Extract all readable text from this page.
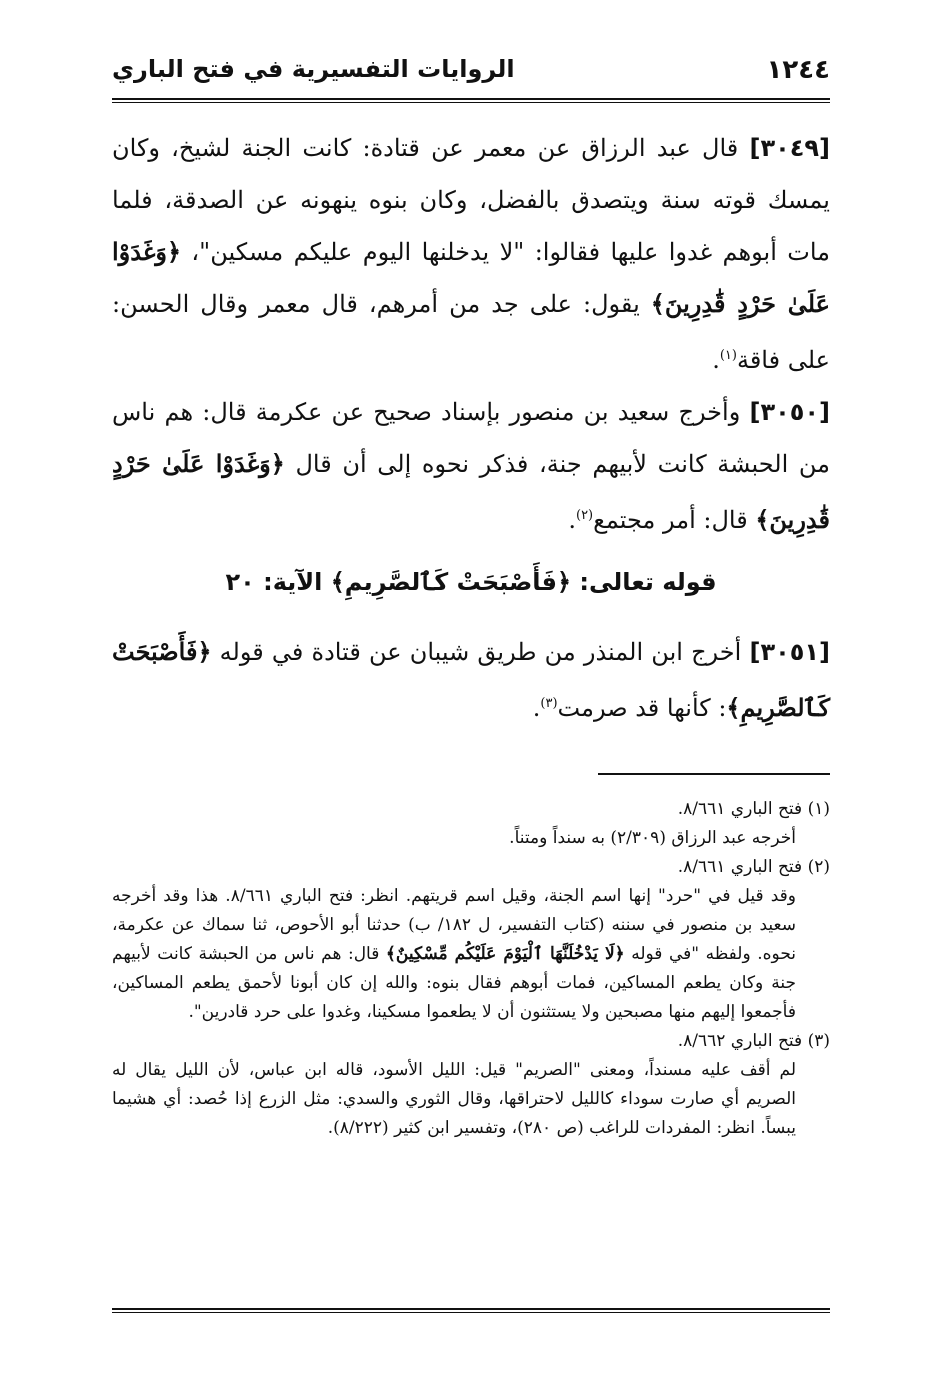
١٢٤٤
الروايات التفسيرية في فتح الباري

[٣٠٤٩] قال عبد الرزاق عن معمر عن قتادة: كانت الجنة لشيخ، وكان يمسك قوته سنة ويتصدق بالفضل، وكان بنوه ينهونه عن الصدقة، فلما مات أبوهم غدوا عليها فقالوا: "لا يدخلنها اليوم عليكم مسكين"، ﴿وَغَدَوْا عَلَىٰ حَرْدٍ قَٰدِرِينَ﴾ يقول: على جد من أمرهم، قال معمر وقال الحسن: على فاقة$^{(١)}$.

[٣٠٥٠] وأخرج سعيد بن منصور بإسناد صحيح عن عكرمة قال: هم ناس من الحبشة كانت لأبيهم جنة، فذكر نحوه إلى أن قال ﴿وَغَدَوْا عَلَىٰ حَرْدٍ قَٰدِرِينَ﴾ قال: أمر مجتمع$^{(٢)}$.

قوله تعالى: ﴿فَأَصْبَحَتْ كَٱلصَّرِيمِ﴾ الآية: ٢٠

[٣٠٥١] أخرج ابن المنذر من طريق شيبان عن قتادة في قوله ﴿فَأَصْبَحَتْ كَٱلصَّرِيمِ﴾: كأنها قد صرمت$^{(٣)}$.

(١) فتح الباري ٨/٦٦١.
أخرجه عبد الرزاق (٢/٣٠٩) به سنداً ومتناً.
(٢) فتح الباري ٨/٦٦١.
وقد قيل في "حرد" إنها اسم الجنة، وقيل اسم قريتهم. انظر: فتح الباري ٨/٦٦١. هذا وقد أخرجه سعيد بن منصور في سننه (كتاب التفسير، ل ١٨٢/ ب) حدثنا أبو الأحوص، ثنا سماك عن عكرمة، نحوه. ولفظه "في قوله ﴿لَا يَدْخُلَنَّهَا ٱلْيَوْمَ عَلَيْكُم مِّسْكِينٌ﴾ قال: هم ناس من الحبشة كانت لأبيهم جنة وكان يطعم المساكين، فمات أبوهم فقال بنوه: والله إن كان أبونا لأحمق يطعم المساكين، فأجمعوا إليهم منها مصبحين ولا يستثنون أن لا يطعموا مسكينا، وغدوا على حرد قادرين".
(٣) فتح الباري ٨/٦٦٢.
لم أقف عليه مسنداً، ومعنى "الصريم" قيل: الليل الأسود، قاله ابن عباس، لأن الليل يقال له الصريم أي صارت سوداء كالليل لاحتراقها، وقال الثوري والسدي: مثل الزرع إذا حُصد: أي هشيما يبساً. انظر: المفردات للراغب (ص ٢٨٠)، وتفسير ابن كثير (٨/٢٢٢).
